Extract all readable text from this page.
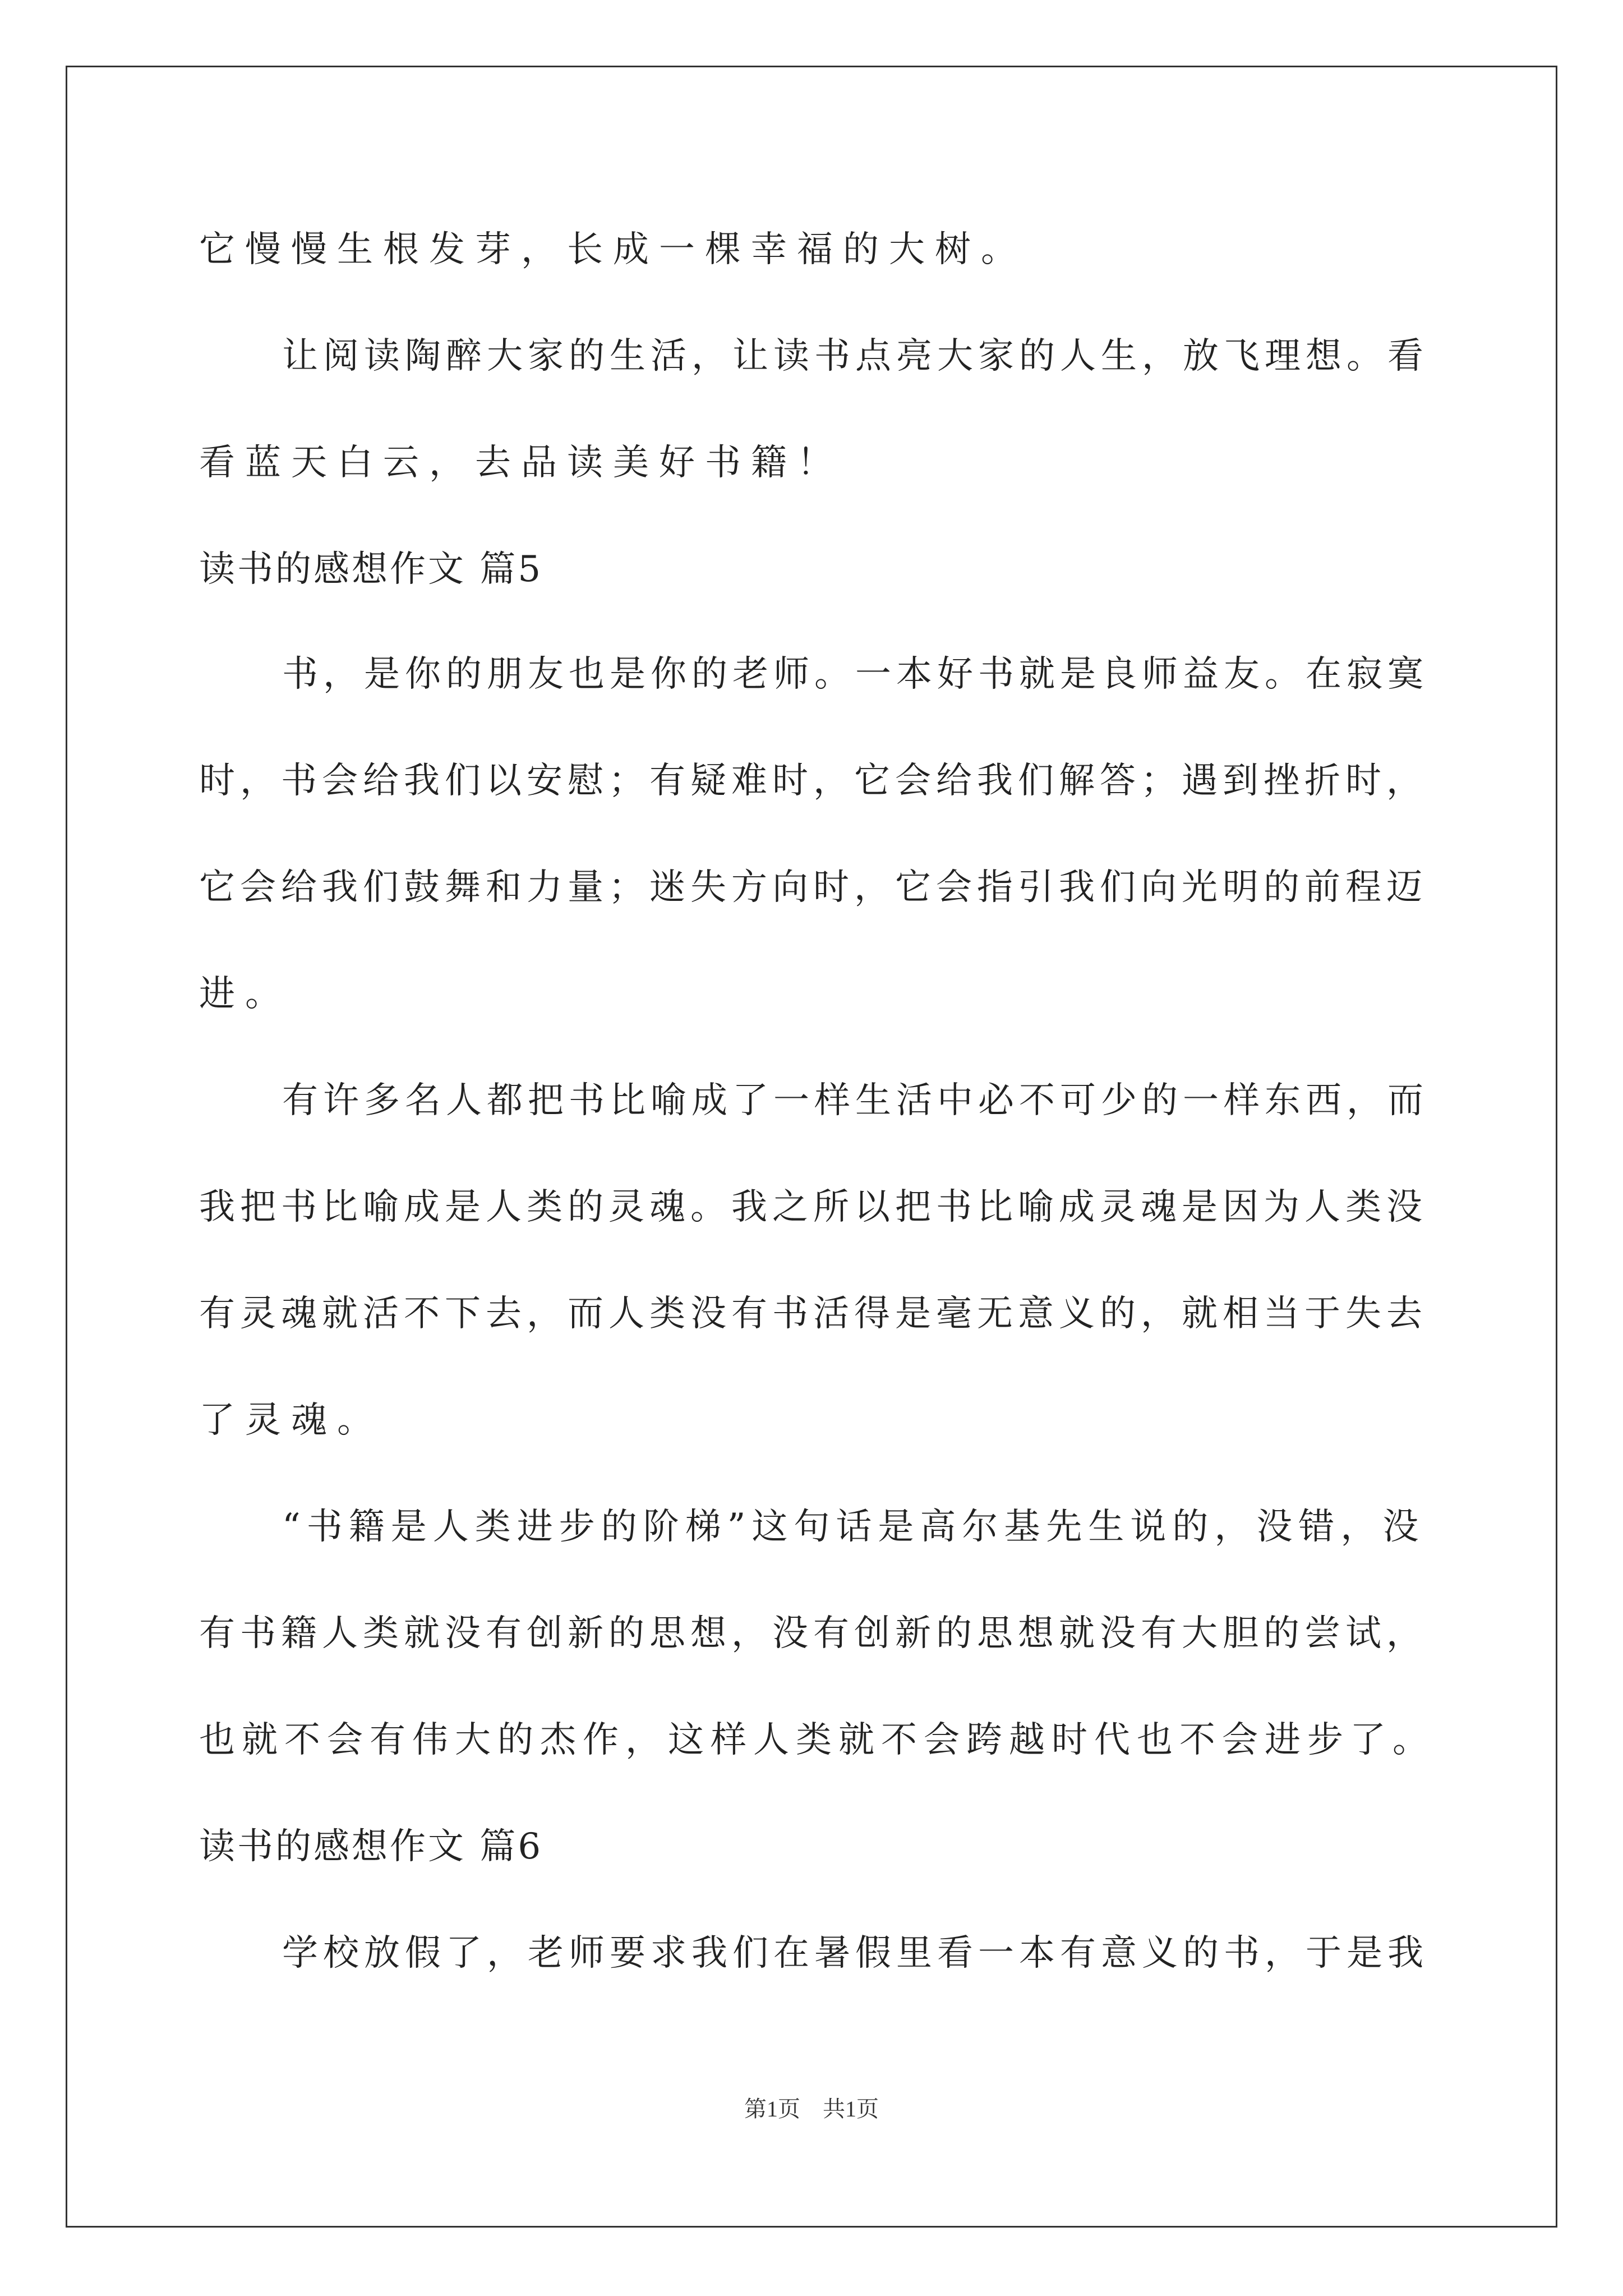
它慢慢生根发芽，长成一棵幸福的大树。
让阅读陶醉大家的生活，让读书点亮大家的人生，放飞理想。看
看蓝天白云，去品读美好书籍！
读书的感想作文 篇5
书，是你的朋友也是你的老师。一本好书就是良师益友。在寂寞
时，书会给我们以安慰；有疑难时，它会给我们解答；遇到挫折时，
它会给我们鼓舞和力量；迷失方向时，它会指引我们向光明的前程迈
进。
有许多名人都把书比喻成了一样生活中必不可少的一样东西，而
我把书比喻成是人类的灵魂。我之所以把书比喻成灵魂是因为人类没
有灵魂就活不下去，而人类没有书活得是毫无意义的，就相当于失去
了灵魂。
“书籍是人类进步的阶梯”这句话是高尔基先生说的，没错，没
有书籍人类就没有创新的思想，没有创新的思想就没有大胆的尝试，
也就不会有伟大的杰作，这样人类就不会跨越时代也不会进步了。
读书的感想作文 篇6
学校放假了，老师要求我们在暑假里看一本有意义的书，于是我
第1页 共1页
